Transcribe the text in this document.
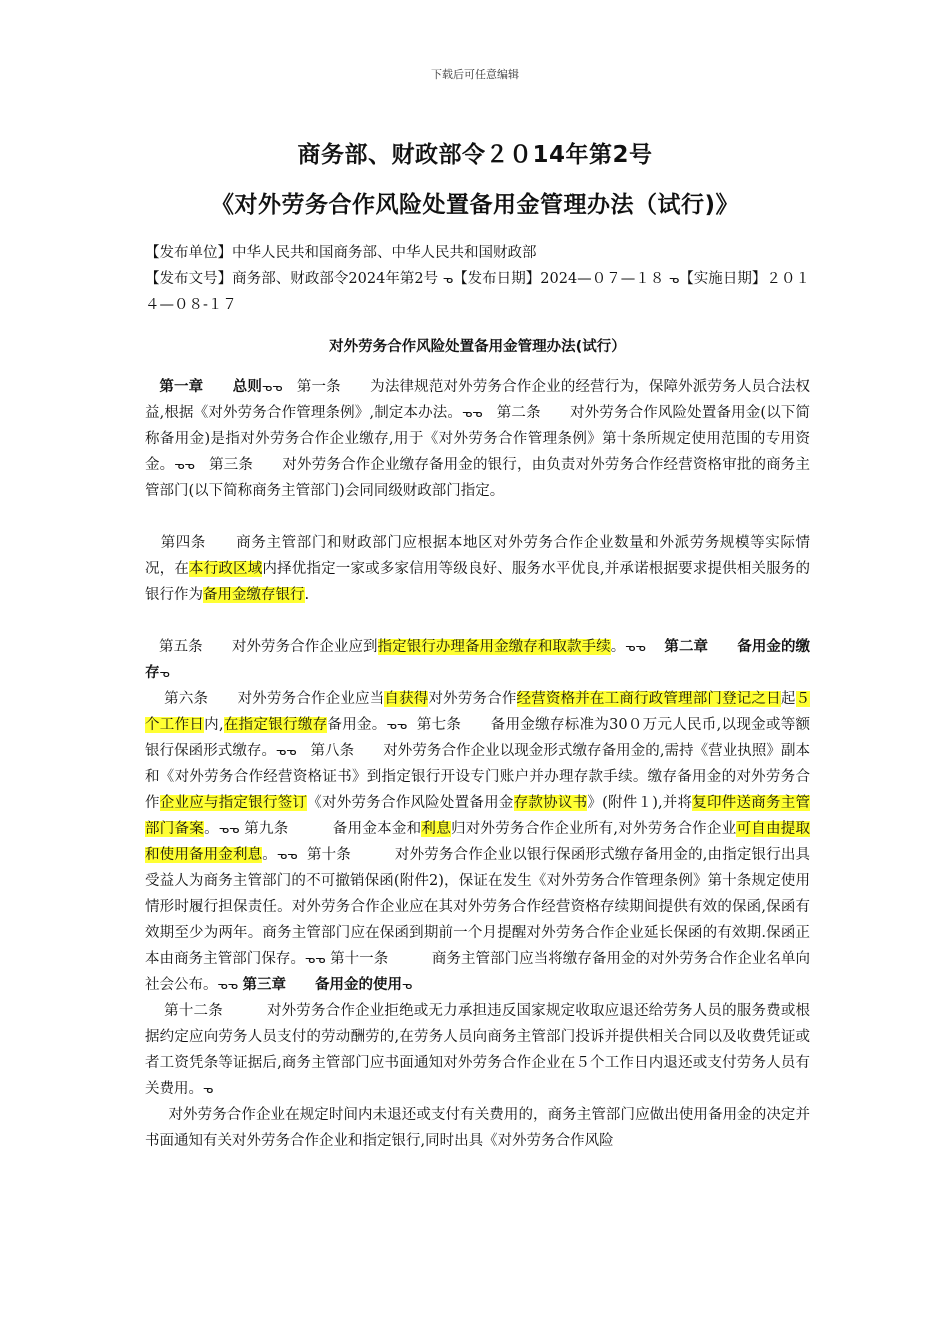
下载后可任意编辑
商务部、财政部令２０14年第2号
《对外劳务合作风险处置备用金管理办法（试行)》

【发布单位】中华人民共和国商务部、中华人民共和国财政部

【发布文号】商务部、财政部令2024年第2号 ᓀ【发布日期】2024—０７—１８ ᓀ【实施日期】２０１４—０８-１７

对外劳务合作风险处置备用金管理办法(试行）

第一章　　总则ᓀᓀ 第一条　　为法律规范对外劳务合作企业的经营行为，保障外派劳务人员合法权益,根据《对外劳务合作管理条例》,制定本办法。ᓀᓀ 第二条　　对外劳务合作风险处置备用金(以下简称备用金)是指对外劳务合作企业缴存,用于《对外劳务合作管理条例》第十条所规定使用范围的专用资金。ᓀᓀ 第三条　　对外劳务合作企业缴存备用金的银行，由负责对外劳务合作经营资格审批的商务主管部门(以下简称商务主管部门)会同同级财政部门指定。

第四条　　商务主管部门和财政部门应根据本地区对外劳务合作企业数量和外派劳务规模等实际情况，在本行政区域内择优指定一家或多家信用等级良好、服务水平优良,并承诺根据要求提供相关服务的银行作为备用金缴存银行.

第五条　　对外劳务合作企业应到指定银行办理备用金缴存和取款手续。ᓀᓀ 第二章　　备用金的缴存ᓀ

第六条　　对外劳务合作企业应当自获得对外劳务合作经营资格并在工商行政管理部门登记之日起５个工作日内,在指定银行缴存备用金。ᓀᓀ 第七条　　备用金缴存标准为30０万元人民币,以现金或等额银行保函形式缴存。ᓀᓀ 第八条　　对外劳务合作企业以现金形式缴存备用金的,需持《营业执照》副本和《对外劳务合作经营资格证书》到指定银行开设专门账户并办理存款手续。缴存备用金的对外劳务合作企业应与指定银行签订《对外劳务合作风险处置备用金存款协议书》(附件１),并将复印件送商务主管部门备案。ᓀᓀ 第九条　　　备用金本金和利息归对外劳务合作企业所有,对外劳务合作企业可自由提取和使用备用金利息。ᓀᓀ 第十条　　　对外劳务合作企业以银行保函形式缴存备用金的,由指定银行出具受益人为商务主管部门的不可撤销保函(附件2)，保证在发生《对外劳务合作管理条例》第十条规定使用情形时履行担保责任。对外劳务合作企业应在其对外劳务合作经营资格存续期间提供有效的保函,保函有效期至少为两年。商务主管部门应在保函到期前一个月提醒对外劳务合作企业延长保函的有效期.保函正本由商务主管部门保存。ᓀᓀ 第十一条　　　商务主管部门应当将缴存备用金的对外劳务合作企业名单向社会公布。ᓀᓀ 第三章　　备用金的使用ᓀ

第十二条　　　对外劳务合作企业拒绝或无力承担违反国家规定收取应退还给劳务人员的服务费或根据约定应向劳务人员支付的劳动酬劳的,在劳务人员向商务主管部门投诉并提供相关合同以及收费凭证或者工资凭条等证据后,商务主管部门应书面通知对外劳务合作企业在５个工作日内退还或支付劳务人员有关费用。ᓀ

对外劳务合作企业在规定时间内未退还或支付有关费用的，商务主管部门应做出使用备用金的决定并书面通知有关对外劳务合作企业和指定银行,同时出具《对外劳务合作风险
